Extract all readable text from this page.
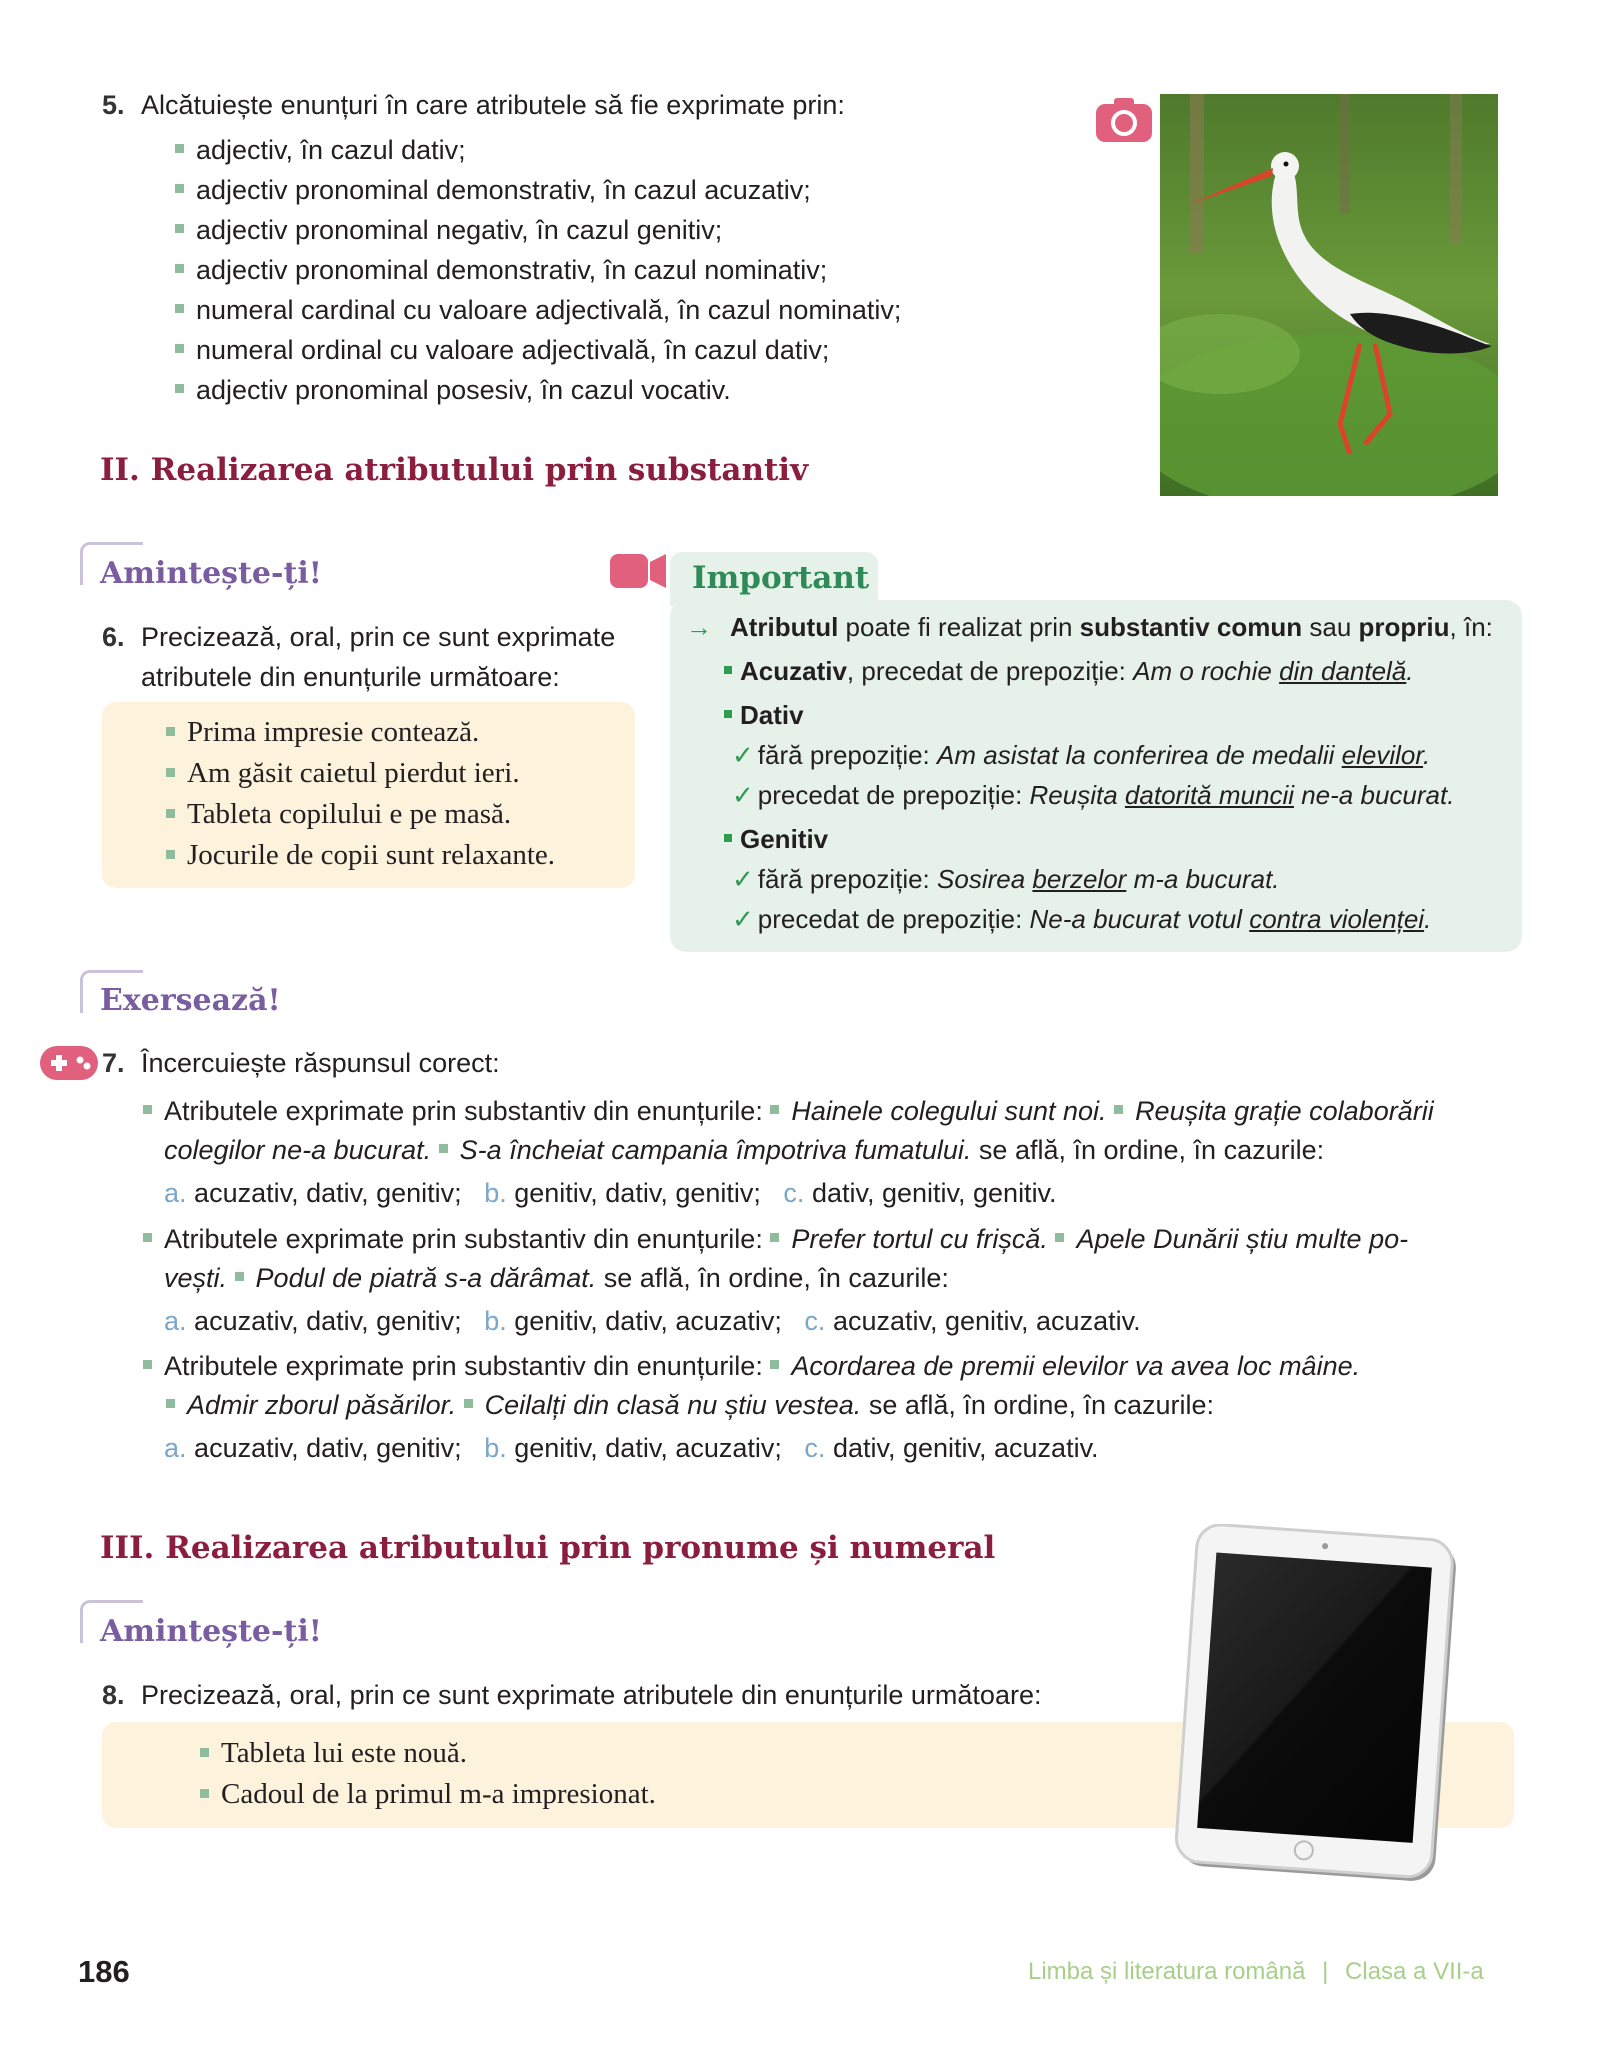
5. Alcătuiește enunțuri în care atributele să fie exprimate prin:
adjectiv, în cazul dativ;
adjectiv pronominal demonstrativ, în cazul acuzativ;
adjectiv pronominal negativ, în cazul genitiv;
adjectiv pronominal demonstrativ, în cazul nominativ;
numeral cardinal cu valoare adjectivală, în cazul nominativ;
numeral ordinal cu valoare adjectivală, în cazul dativ;
adjectiv pronominal posesiv, în cazul vocativ.
II. Realizarea atributului prin substantiv
Amintește-ți!
6. Precizează, oral, prin ce sunt exprimate
atributele din enunțurile următoare:
Prima impresie contează.
Am găsit caietul pierdut ieri.
Tableta copilului e pe masă.
Jocurile de copii sunt relaxante.
Important
→ Atributul poate fi realizat prin substantiv comun sau propriu, în:
Acuzativ, precedat de prepoziție: Am o rochie din dantelă.
Dativ
✓ fără prepoziție: Am asistat la conferirea de medalii elevilor.
✓ precedat de prepoziție: Reușita datorită muncii ne-a bucurat.
Genitiv
✓ fără prepoziție: Sosirea berzelor m-a bucurat.
✓ precedat de prepoziție: Ne-a bucurat votul contra violenței.
Exersează!
7. Încercuiește răspunsul corect:
Atributele exprimate prin substantiv din enunțurile: Hainele colegului sunt noi. Reușita grație colaborării
colegilor ne-a bucurat. S-a încheiat campania împotriva fumatului. se află, în ordine, în cazurile:
a. acuzativ, dativ, genitiv; b. genitiv, dativ, genitiv; c. dativ, genitiv, genitiv.
Atributele exprimate prin substantiv din enunțurile: Prefer tortul cu frișcă. Apele Dunării știu multe po-
vești. Podul de piatră s-a dărâmat. se află, în ordine, în cazurile:
a. acuzativ, dativ, genitiv; b. genitiv, dativ, acuzativ; c. acuzativ, genitiv, acuzativ.
Atributele exprimate prin substantiv din enunțurile: Acordarea de premii elevilor va avea loc mâine.
Admir zborul păsărilor. Ceilalți din clasă nu știu vestea. se află, în ordine, în cazurile:
a. acuzativ, dativ, genitiv; b. genitiv, dativ, acuzativ; c. dativ, genitiv, acuzativ.
III. Realizarea atributului prin pronume și numeral
Amintește-ți!
8. Precizează, oral, prin ce sunt exprimate atributele din enunțurile următoare:
Tableta lui este nouă.
Cadoul de la primul m-a impresionat.
186	Limba și literatura română | Clasa a VII-a
